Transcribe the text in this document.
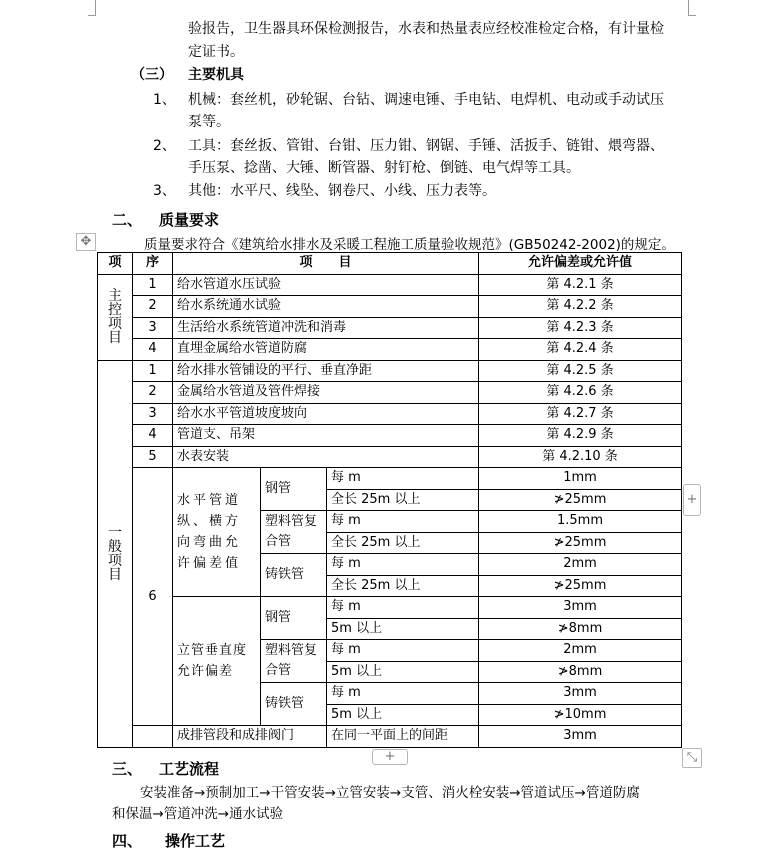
验报告，卫生器具环保检测报告，水表和热量表应经校准检定合格，有计量检
定证书。
（三） 主要机具
1、 机械：套丝机，砂轮锯、台钻、调速电锤、手电钻、电焊机、电动或手动试压
泵等。
2、 工具：套丝扳、管钳、台钳、压力钳、钢锯、手锤、活扳手、链钳、煨弯器、
手压泵、捻凿、大锤、断管器、射钉枪、倒链、电气焊等工具。
3、 其他：水平尺、线坠、钢卷尺、小线、压力表等。
二、 质量要求
✥	质量要求符合《建筑给水排水及采暖工程施工质量验收规范》(GB50242-2002)的规定。
项	序	项　　目			允许偏差或允许值
主控项目	1	给水管道水压试验			第 4.2.1 条
	2	给水系统通水试验			第 4.2.2 条
	3	生活给水系统管道冲洗和消毒			第 4.2.3 条
	4	直埋金属给水管道防腐			第 4.2.4 条
一般项目	1	给水排水管铺设的平行、垂直净距			第 4.2.5 条
	2	金属给水管道及管件焊接			第 4.2.6 条
	3	给水水平管道坡度坡向			第 4.2.7 条
	4	管道支、吊架			第 4.2.9 条
	5	水表安装			第 4.2.10 条
	6	水平管道纵、横方向弯曲允许偏差值	钢管	每 m	1mm
				全长 25m 以上	≯25mm
			塑料管复合管	每 m	1.5mm
				全长 25m 以上	≯25mm
			铸铁管	每 m	2mm
				全长 25m 以上	≯25mm
		立管垂直度允许偏差	钢管	每 m	3mm
				5m 以上	≯8mm
			塑料管复合管	每 m	2mm
				5m 以上	≯8mm
			铸铁管	每 m	3mm
				5m 以上	≯10mm
		成排管段和成排阀门		在同一平面上的间距	3mm
+
+	⤡
三、 工艺流程
安装准备→预制加工→干管安装→立管安装→支管、消火栓安装→管道试压→管道防腐
和保温→管道冲洗→通水试验
四、 操作工艺
